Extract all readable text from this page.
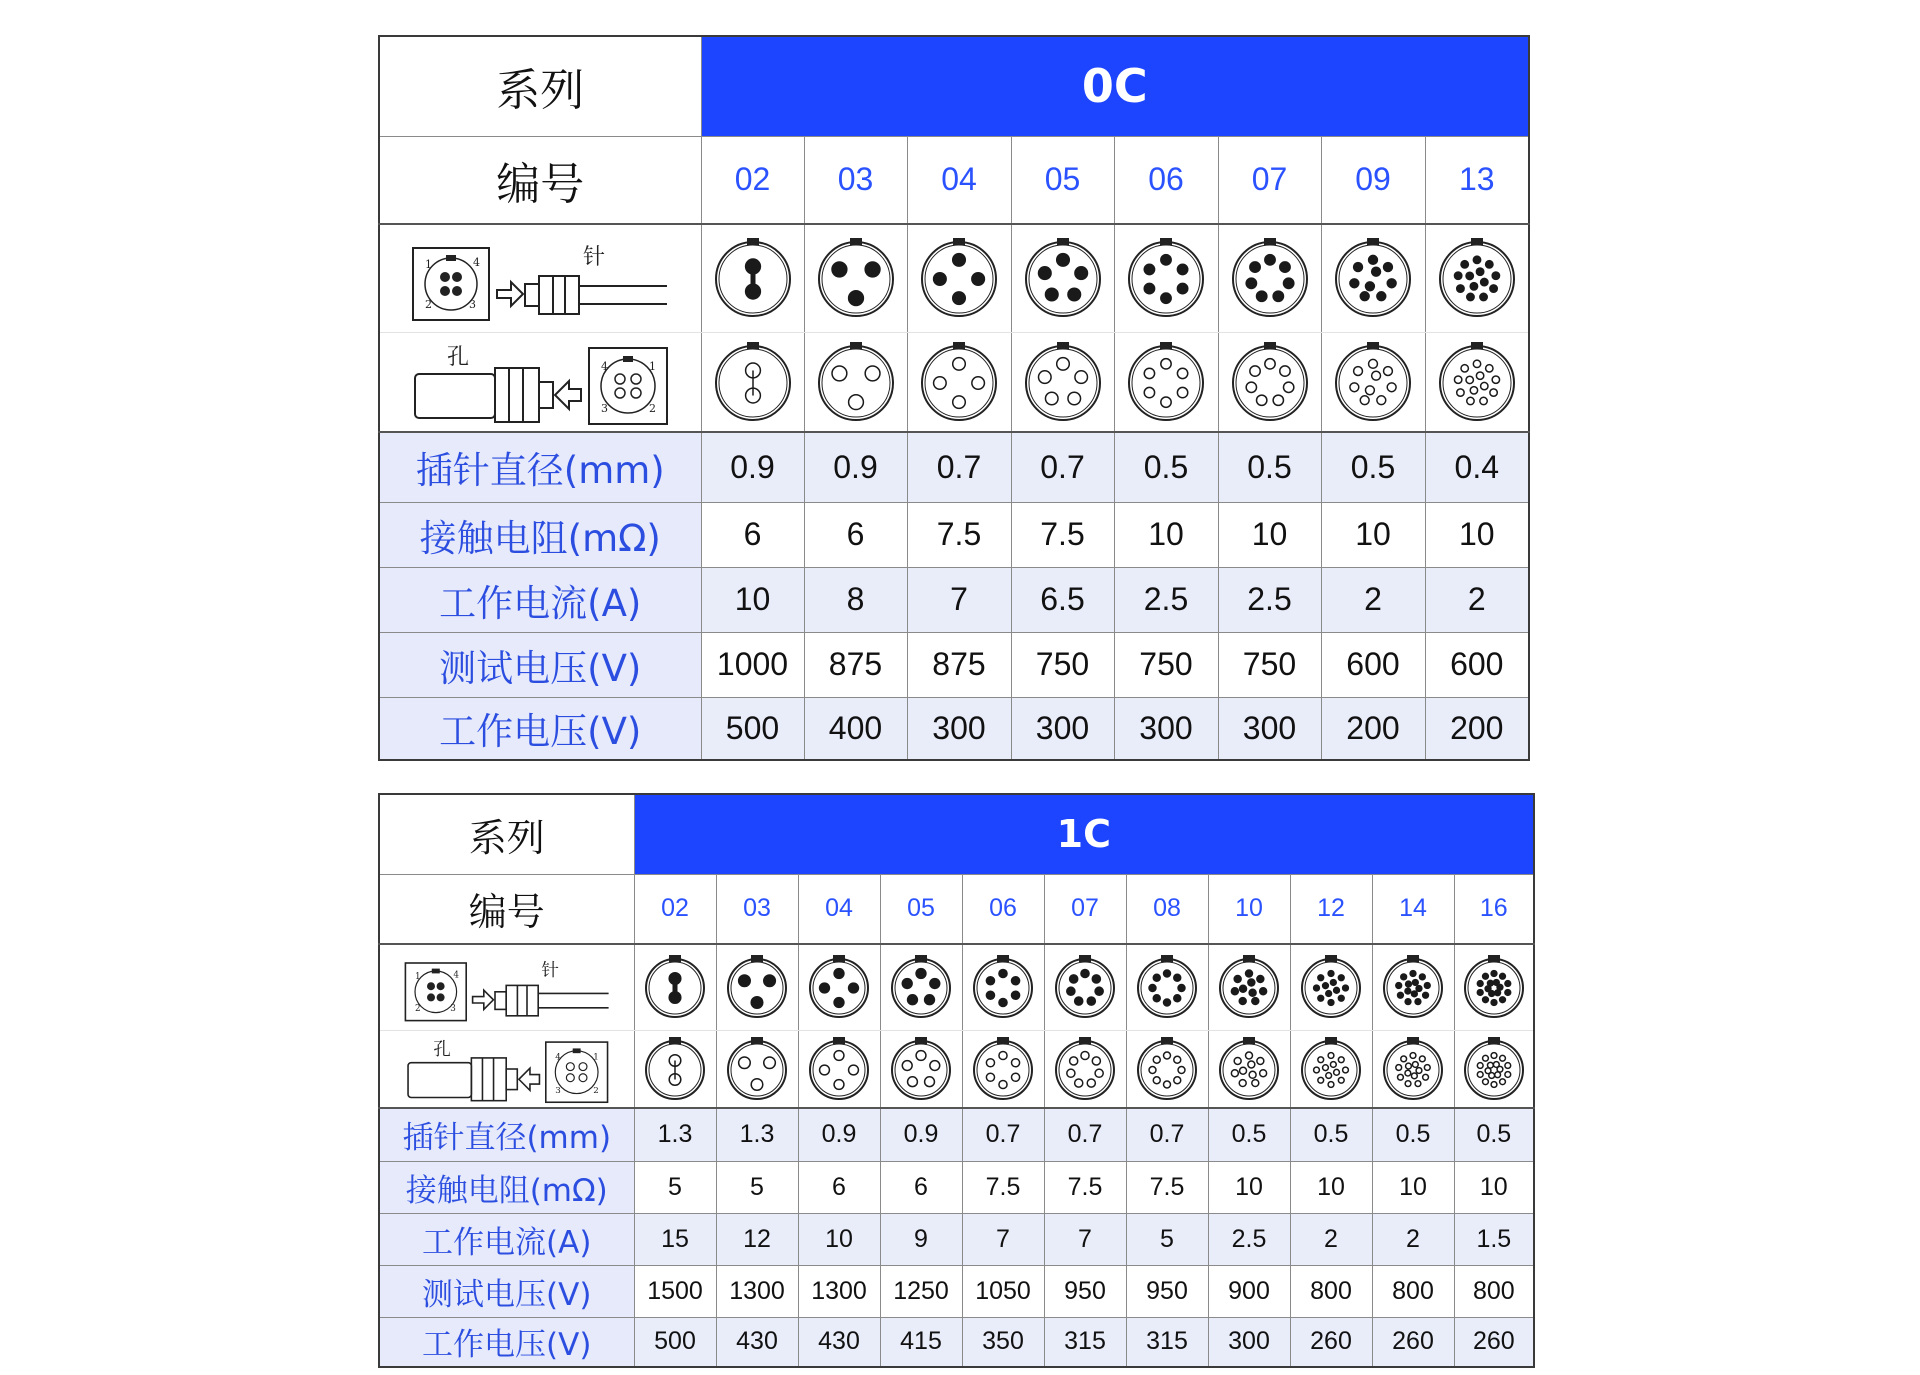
系列	0C							
编号	02	03	04	05	06	07	09	13

1
2 3
4 针

孔 4 1
3 2

插针直径(mm)	0.9	0.9	0.7	0.7	0.5	0.5	0.5	0.4
接触电阻(mΩ)	6	6	7.5	7.5	10	10	10	10
工作电流(A)	10	8	7	6.5	2.5	2.5	2	2
测试电压(V)	1000	875	875	750	750	750	600	600
工作电压(V)	500	400	300	300	300	300	200	200
系列	1C										
编号	02	03	04	05	06	07	08	10	12	14	16

1
2 3
4 针

孔 4 1
3 2

插针直径(mm)	1.3	1.3	0.9	0.9	0.7	0.7	0.7	0.5	0.5	0.5	0.5
接触电阻(mΩ)	5	5	6	6	7.5	7.5	7.5	10	10	10	10
工作电流(A)	15	12	10	9	7	7	5	2.5	2	2	1.5
测试电压(V)	1500	1300	1300	1250	1050	950	950	900	800	800	800
工作电压(V)	500	430	430	415	350	315	315	300	260	260	260
